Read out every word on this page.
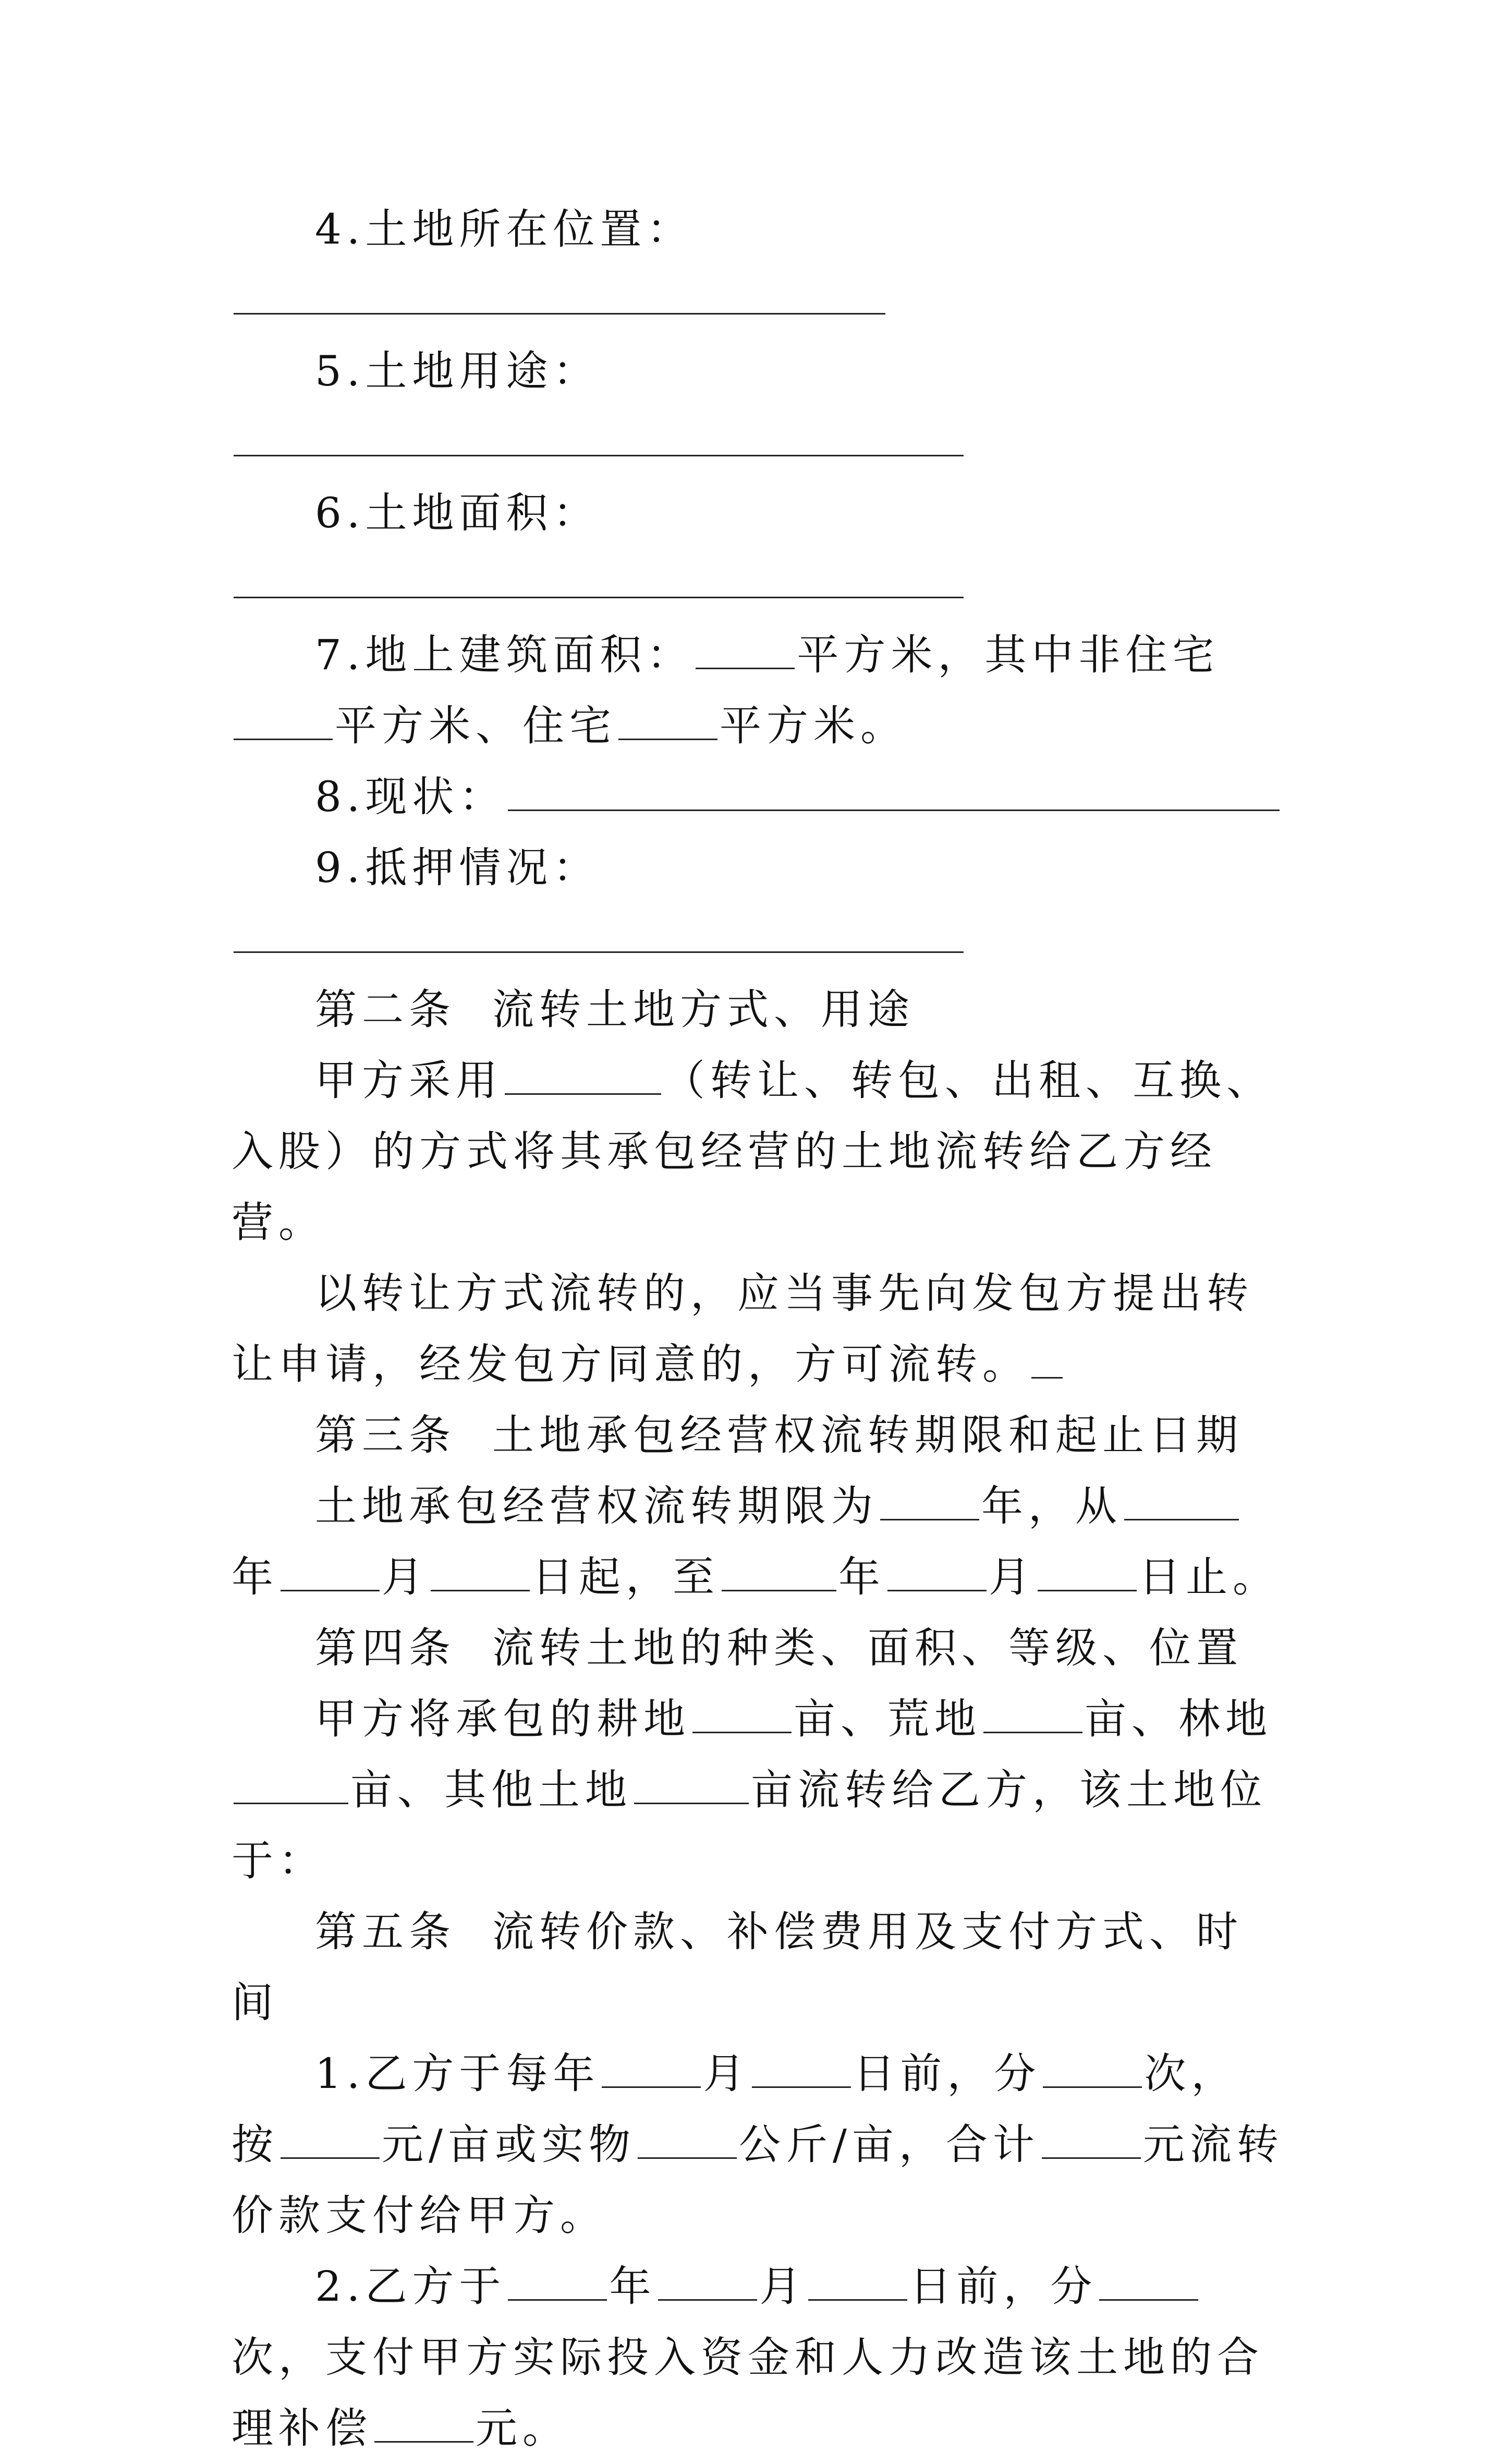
4.土地所在位置：

5.土地用途：

6.土地面积：

7.地上建筑面积： 平方米，其中非住宅平方米、住宅 平方米。

8.现状：

9.抵押情况：

第二条 流转土地方式、用途

甲方采用	（转让、转包、出租、互换、入股）的方式将其承包经营的土地流转给乙方经营。

以转让方式流转的，应当事先向发包方提出转让申请，经发包方同意的，方可流转。

第三条 土地承包经营权流转期限和起止日期

土地承包经营权流转期限为 年，从年 月 日起，至	年 月 日止。

第四条 流转土地的种类、面积、等级、位置

甲方将承包的耕地 亩、荒地 亩、林地亩、其他土地	亩流转给乙方，该土地位于：

第五条 流转价款、补偿费用及支付方式、时间

1.乙方于每年 月 日前，分 次，按 元/亩或实物 公斤/亩，合计 元流转价款支付给甲方。

2.乙方于 年 月 日前，分次，支付甲方实际投入资金和人力改造该土地的合理补偿 元。
